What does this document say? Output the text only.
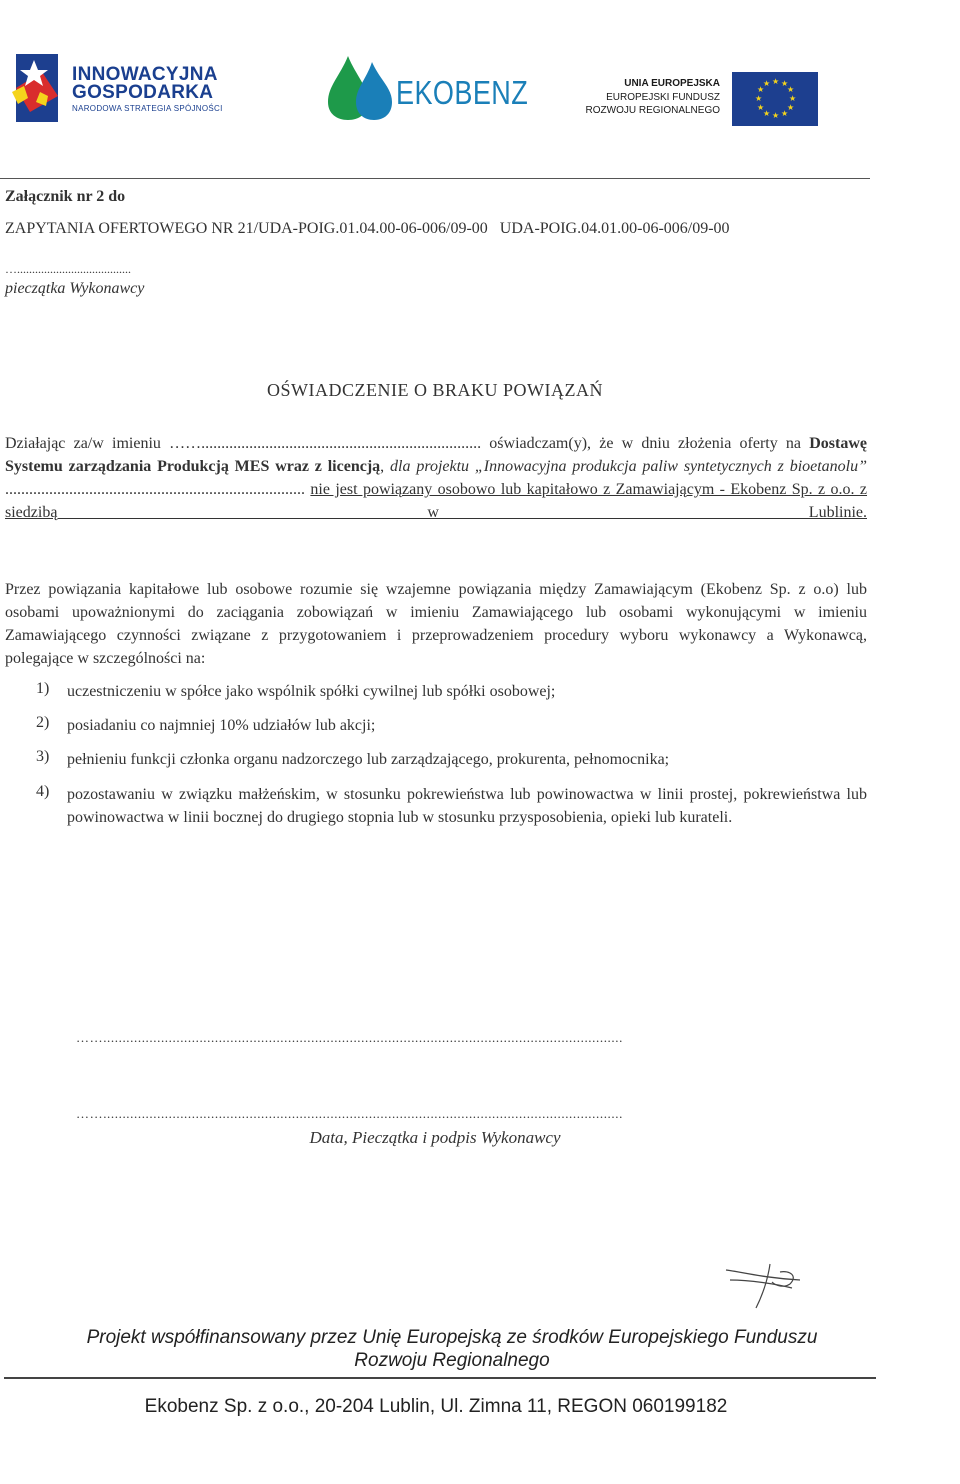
INNOWACYJNA
GOSPODARKA
NARODOWA STRATEGIA SPÓJNOŚCI	EKOBENZ	UNIA EUROPEJSKA
EUROPEJSKI FUNDUSZ
ROZWOJU REGIONALNEGO
★ ★
★
★
★
★
★
★
★
★
★
★
Załącznik nr 2 do
ZAPYTANIA OFERTOWEGO NR 21/UDA-POIG.01.04.00-06-006/09-00 UDA-POIG.04.01.00-06-006/09-00
…......................................
pieczątka Wykonawcy
OŚWIADCZENIE O BRAKU POWIĄZAŃ
Działając za/w imieniu ……...................................................................... oświadczam(y), że w dniu złożenia oferty na Dostawę Systemu zarządzania Produkcją MES wraz z licencją, dla projektu „Innowacyjna produkcja paliw syntetycznych z bioetanolu” ........................................................................... nie jest powiązany osobowo lub kapitałowo z Zamawiającym - Ekobenz Sp. z o.o. z siedzibą w Lublinie.
Przez powiązania kapitałowe lub osobowe rozumie się wzajemne powiązania między Zamawiającym (Ekobenz Sp. z o.o) lub osobami upoważnionymi do zaciągania zobowiązań w imieniu Zamawiającego lub osobami wykonującymi w imieniu Zamawiającego czynności związane z przygotowaniem i przeprowadzeniem procedury wyboru wykonawcy a Wykonawcą, polegające w szczególności na:
1) uczestniczeniu w spółce jako wspólnik spółki cywilnej lub spółki osobowej;
2) posiadaniu co najmniej 10% udziałów lub akcji;
3) pełnieniu funkcji członka organu nadzorczego lub zarządzającego, prokurenta, pełnomocnika;
4) pozostawaniu w związku małżeńskim, w stosunku pokrewieństwa lub powinowactwa w linii prostej, pokrewieństwa lub powinowactwa w linii bocznej do drugiego stopnia lub w stosunku przysposobienia, opieki lub kurateli.
…….......................................................................................................................................
…….......................................................................................................................................
Data, Pieczątka i podpis Wykonawcy
Projekt współfinansowany przez Unię Europejską ze środków Europejskiego Funduszu
Rozwoju Regionalnego
Ekobenz Sp. z o.o., 20-204 Lublin, Ul. Zimna 11, REGON 060199182
